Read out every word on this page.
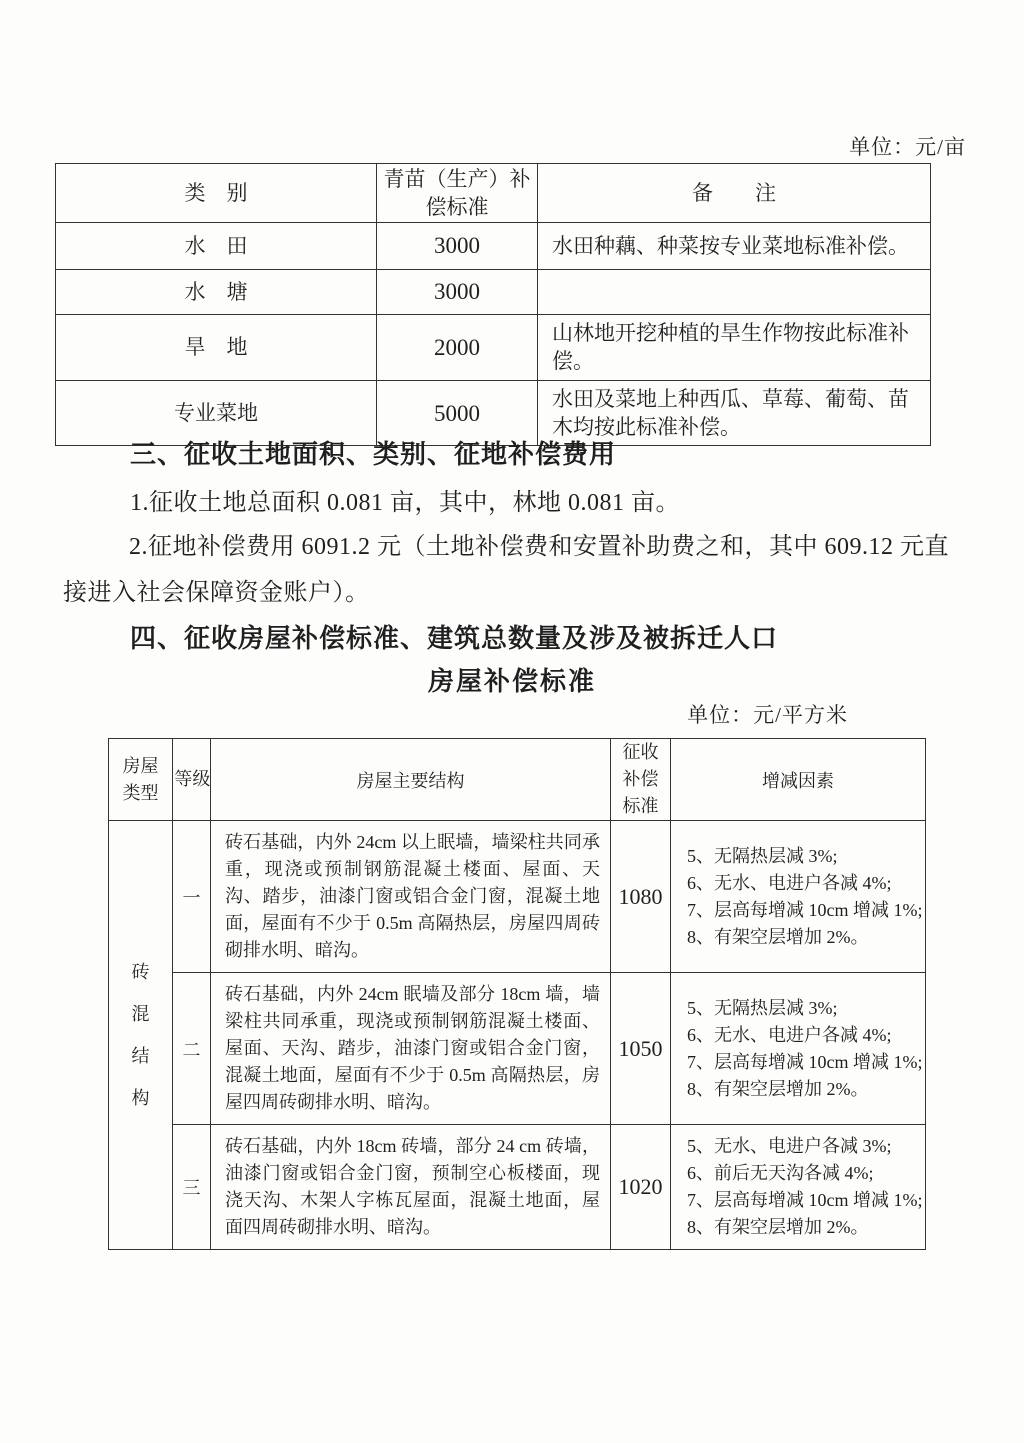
单位：元/亩
类　别	青苗（生产）补偿标准	备　　注
水　田	3000	水田种藕、种菜按专业菜地标准补偿。
水　塘	3000	
旱　地	2000	山林地开挖种植的旱生作物按此标准补偿。
专业菜地	5000	水田及菜地上种西瓜、草莓、葡萄、苗木均按此标准补偿。
三、征收土地面积、类别、征地补偿费用
1.征收土地总面积 0.081 亩，其中，林地 0.081 亩。
2.征地补偿费用 6091.2 元（土地补偿费和安置补助费之和，其中 609.12 元直接进入社会保障资金账户）。
四、征收房屋补偿标准、建筑总数量及涉及被拆迁人口
房屋补偿标准
单位：元/平方米
房屋类型	等级	房屋主要结构	征收补偿标准	增减因素
砖混结构	一	砖石基础，内外 24cm 以上眠墙，墙梁柱共同承重，现浇或预制钢筋混凝土楼面、屋面、天沟、踏步，油漆门窗或铝合金门窗，混凝土地面，屋面有不少于 0.5m 高隔热层，房屋四周砖砌排水明、暗沟。	1080	5、无隔热层减 3%;
6、无水、电进户各减 4%;
7、层高每增减 10cm 增减 1%;
8、有架空层增加 2%。

	二	砖石基础，内外 24cm 眠墙及部分 18cm 墙，墙梁柱共同承重，现浇或预制钢筋混凝土楼面、屋面、天沟、踏步，油漆门窗或铝合金门窗，混凝土地面，屋面有不少于 0.5m 高隔热层，房屋四周砖砌排水明、暗沟。	1050	5、无隔热层减 3%;
6、无水、电进户各减 4%;
7、层高每增减 10cm 增减 1%;
8、有架空层增加 2%。

	三	砖石基础，内外 18cm 砖墙，部分 24 cm 砖墙，油漆门窗或铝合金门窗，预制空心板楼面，现浇天沟、木架人字栋瓦屋面，混凝土地面，屋面四周砖砌排水明、暗沟。	1020	5、无水、电进户各减 3%;
6、前后无天沟各减 4%;
7、层高每增减 10cm 增减 1%;
8、有架空层增加 2%。
